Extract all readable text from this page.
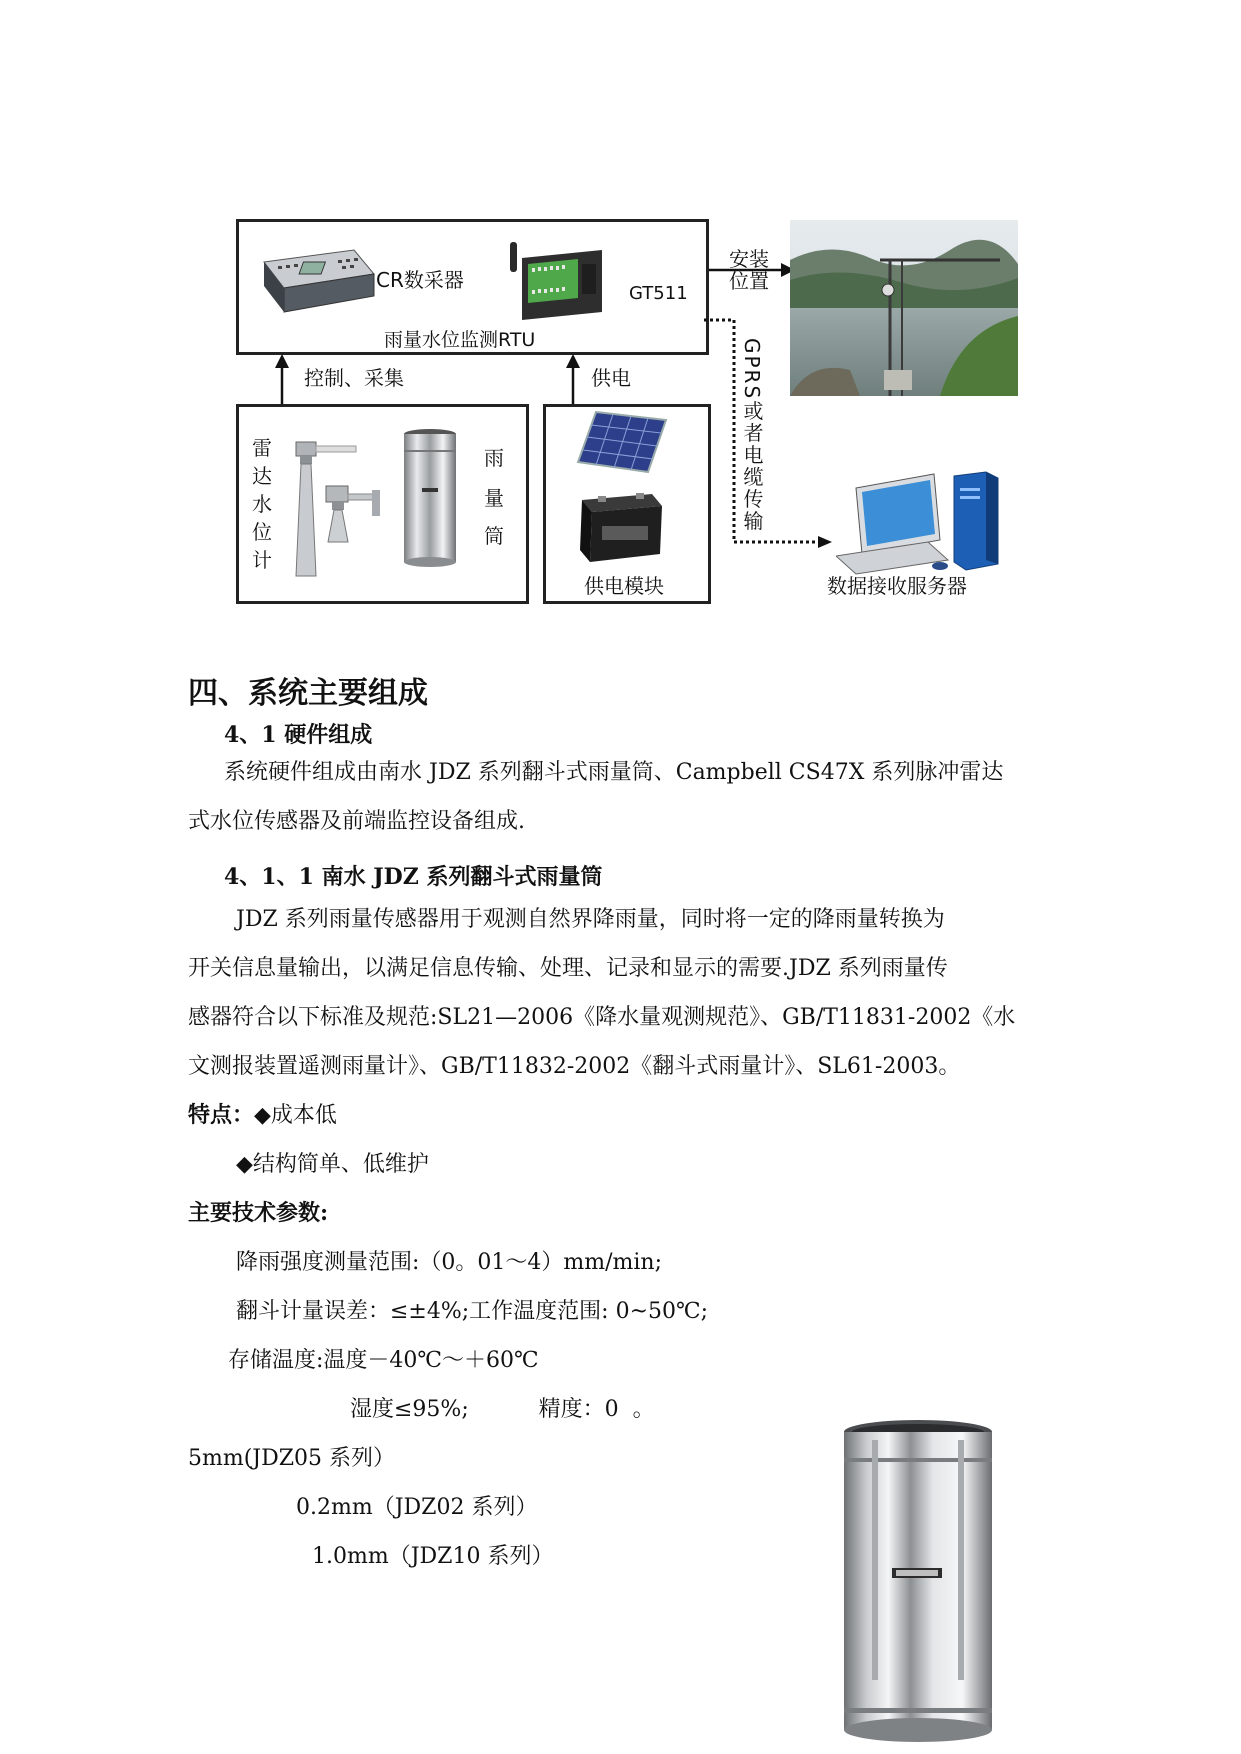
CR数采器
GT511
雨量水位监测RTU
安装
位置
控制、采集	供电	GPRS或者电缆传输
雷达水位计
雨
量
筒
供电模块	数据接收服务器
四、系统主要组成
4、1 硬件组成
系统硬件组成由南水 JDZ 系列翻斗式雨量筒、Campbell CS47X 系列脉冲雷达
式水位传感器及前端监控设备组成.
4、1、1 南水 JDZ 系列翻斗式雨量筒
JDZ 系列雨量传感器用于观测自然界降雨量，同时将一定的降雨量转换为
开关信息量输出，以满足信息传输、处理、记录和显示的需要.JDZ 系列雨量传
感器符合以下标准及规范:SL21—2006《降水量观测规范》、GB/T11831-2002《水
文测报装置遥测雨量计》、GB/T11832-2002《翻斗式雨量计》、SL61-2003。
特点：◆成本低
◆结构简单、低维护
主要技术参数:
降雨强度测量范围:（0。01～4）mm/min;
翻斗计量误差：≤±4%;工作温度范围: 0~50℃;
存储温度:温度－40℃～＋60℃
湿度≤95%;          精度：0  。
5mm(JDZ05 系列）
0.2mm（JDZ02 系列）
1.0mm（JDZ10 系列）
